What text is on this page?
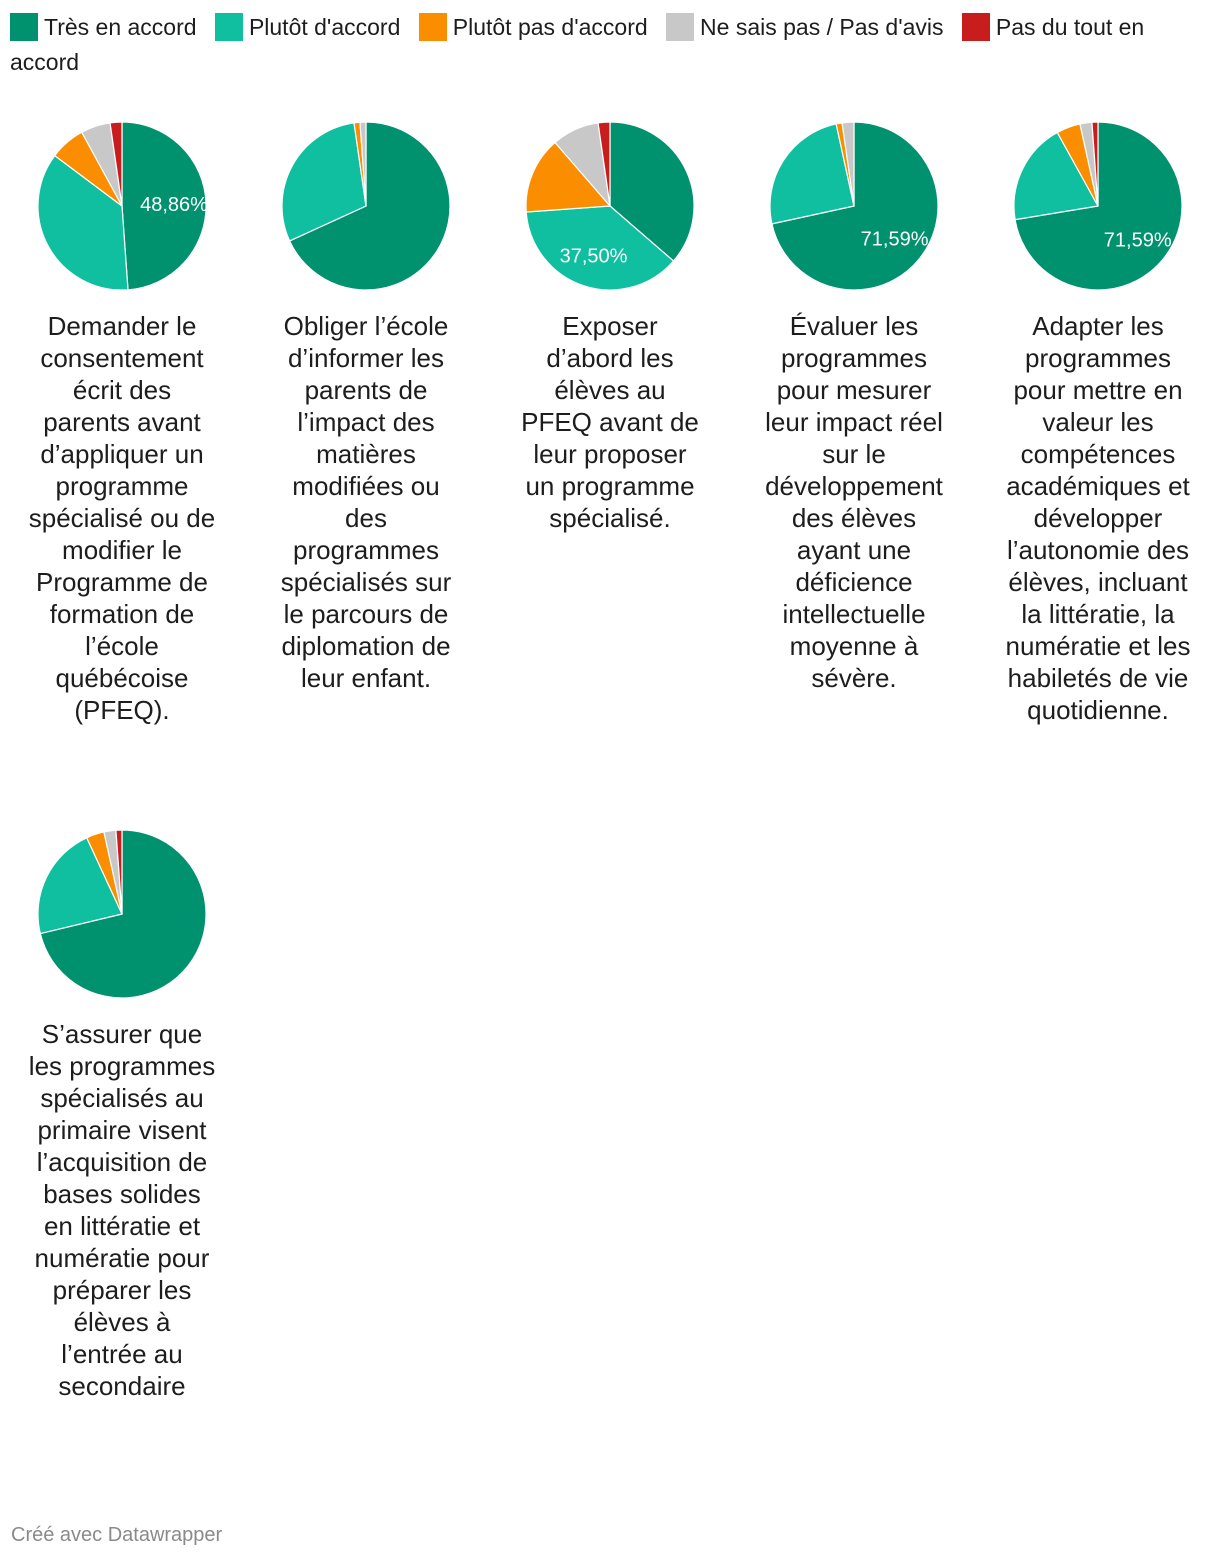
Très en accord Plutôt d'accord Plutôt pas d'accord Ne sais pas / Pas d'avis Pas du tout en accord
48,86%
Demander le consentement écrit des parents avant d’appliquer un programme spécialisé ou de modifier le Programme de formation de l’école québécoise (PFEQ).
Obliger l’école d’informer les parents de l’impact des matières modifiées ou des programmes spécialisés sur le parcours de diplomation de leur enfant.
37,50%
Exposer d’abord les élèves au PFEQ avant de leur proposer un programme spécialisé.
71,59%
Évaluer les programmes pour mesurer leur impact réel sur le développement des élèves ayant une déficience intellectuelle moyenne à sévère.
71,59%
Adapter les programmes pour mettre en valeur les compétences académiques et développer l’autonomie des élèves, incluant la littératie, la numératie et les habiletés de vie quotidienne.
S’assurer que les programmes spécialisés au primaire visent l’acquisition de bases solides en littératie et numératie pour préparer les élèves à l’entrée au secondaire
Créé avec Datawrapper
